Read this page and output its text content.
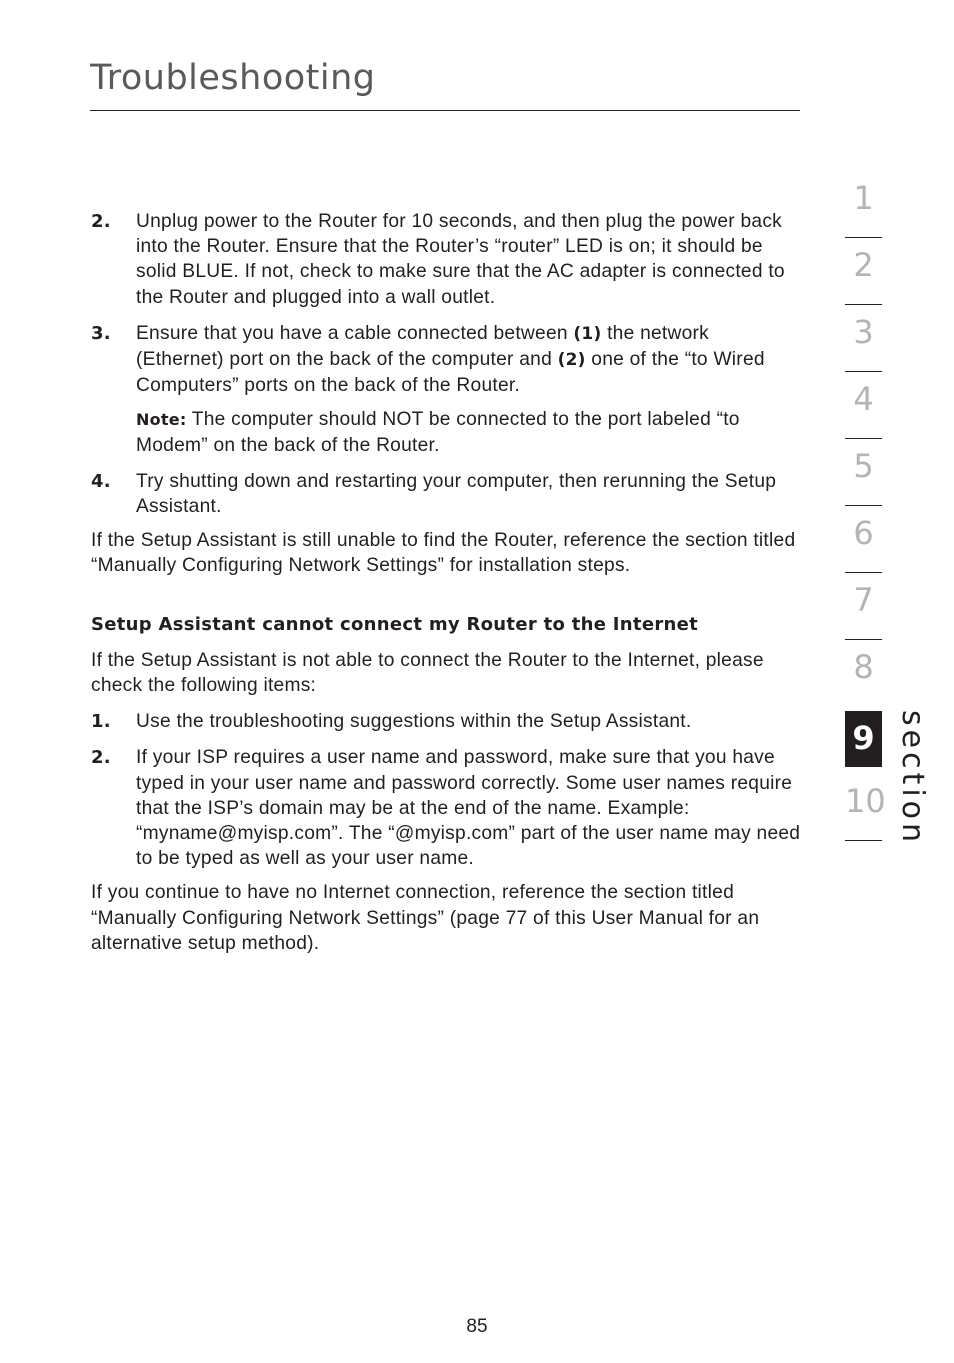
Troubleshooting
2. Unplug power to the Router for 10 seconds, and then plug the power back into the Router. Ensure that the Router’s “router” LED is on; it should be solid BLUE. If not, check to make sure that the AC adapter is connected to the Router and plugged into a wall outlet.
3. Ensure that you have a cable connected between (1) the network (Ethernet) port on the back of the computer and (2) one of the “to Wired Computers” ports on the back of the Router.
Note: The computer should NOT be connected to the port labeled “to Modem” on the back of the Router.
4. Try shutting down and restarting your computer, then rerunning the Setup Assistant.

If the Setup Assistant is still unable to find the Router, reference the section titled “Manually Configuring Network Settings” for installation steps.

Setup Assistant cannot connect my Router to the Internet

If the Setup Assistant is not able to connect the Router to the Internet, please check the following items:

1. Use the troubleshooting suggestions within the Setup Assistant.
2. If your ISP requires a user name and password, make sure that you have typed in your user name and password correctly. Some user names require that the ISP’s domain may be at the end of the name. Example: “myname@myisp.com”. The “@myisp.com” part of the user name may need to be typed as well as your user name.

If you continue to have no Internet connection, reference the section titled “Manually Configuring Network Settings” (page 77 of this User Manual for an alternative setup method).

1
2
3
4
5
6
7
8
9
10 section
85
